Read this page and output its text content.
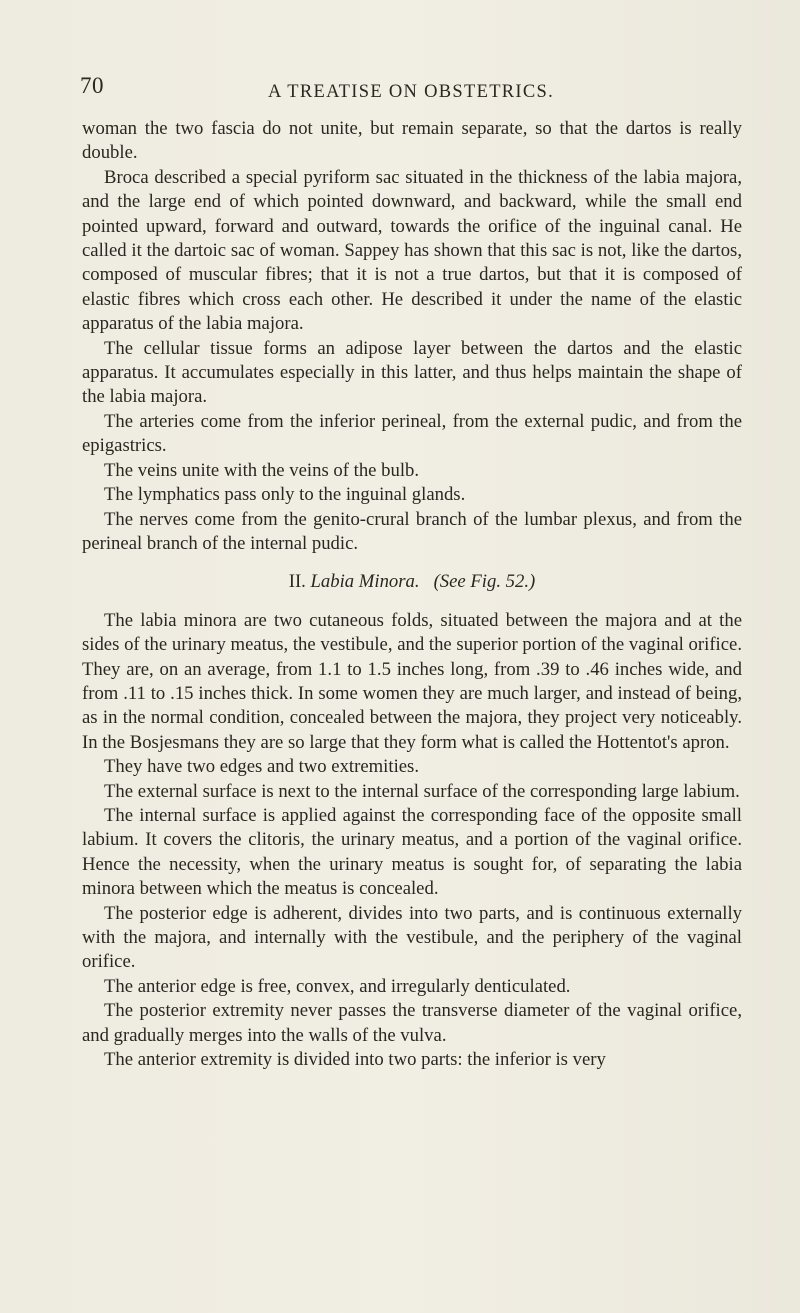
70	A TREATISE ON OBSTETRICS.

woman the two fascia do not unite, but remain separate, so that the dartos is really double.

Broca described a special pyriform sac situated in the thickness of the labia majora, and the large end of which pointed downward, and backward, while the small end pointed upward, forward and outward, towards the orifice of the inguinal canal. He called it the dartoic sac of woman. Sappey has shown that this sac is not, like the dartos, composed of muscular fibres; that it is not a true dartos, but that it is composed of elastic fibres which cross each other. He described it under the name of the elastic apparatus of the labia majora.

The cellular tissue forms an adipose layer between the dartos and the elastic apparatus. It accumulates especially in this latter, and thus helps maintain the shape of the labia majora.

The arteries come from the inferior perineal, from the external pudic, and from the epigastrics.

The veins unite with the veins of the bulb.

The lymphatics pass only to the inguinal glands.

The nerves come from the genito-crural branch of the lumbar plexus, and from the perineal branch of the internal pudic.

II. Labia Minora. (See Fig. 52.)

The labia minora are two cutaneous folds, situated between the majora and at the sides of the urinary meatus, the vestibule, and the superior portion of the vaginal orifice. They are, on an average, from 1.1 to 1.5 inches long, from .39 to .46 inches wide, and from .11 to .15 inches thick. In some women they are much larger, and instead of being, as in the normal condition, concealed between the majora, they project very noticeably. In the Bosjesmans they are so large that they form what is called the Hottentot's apron.

They have two edges and two extremities.

The external surface is next to the internal surface of the corresponding large labium.

The internal surface is applied against the corresponding face of the opposite small labium. It covers the clitoris, the urinary meatus, and a portion of the vaginal orifice. Hence the necessity, when the urinary meatus is sought for, of separating the labia minora between which the meatus is concealed.

The posterior edge is adherent, divides into two parts, and is continuous externally with the majora, and internally with the vestibule, and the periphery of the vaginal orifice.

The anterior edge is free, convex, and irregularly denticulated.

The posterior extremity never passes the transverse diameter of the vaginal orifice, and gradually merges into the walls of the vulva.

The anterior extremity is divided into two parts: the inferior is very
